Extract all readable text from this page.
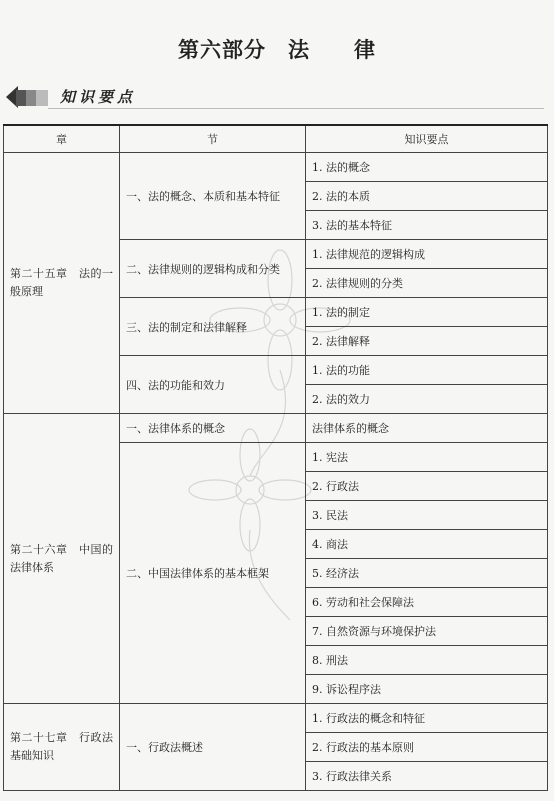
第六部分　法　　律
知识要点
章	节	知识要点
第二十五章　法的一般原理	一、法的概念、本质和基本特征	1. 法的概念
		2. 法的本质
		3. 法的基本特征
	二、法律规则的逻辑构成和分类	1. 法律规范的逻辑构成
		2. 法律规则的分类
	三、法的制定和法律解释	1. 法的制定
		2. 法律解释
	四、法的功能和效力	1. 法的功能
		2. 法的效力
第二十六章　中国的法律体系	一、法律体系的概念	法律体系的概念
	二、中国法律体系的基本框架	1. 宪法
		2. 行政法
		3. 民法
		4. 商法
		5. 经济法
		6. 劳动和社会保障法
		7. 自然资源与环境保护法
		8. 刑法
		9. 诉讼程序法
第二十七章　行政法基础知识	一、行政法概述	1. 行政法的概念和特征
		2. 行政法的基本原则
		3. 行政法律关系
